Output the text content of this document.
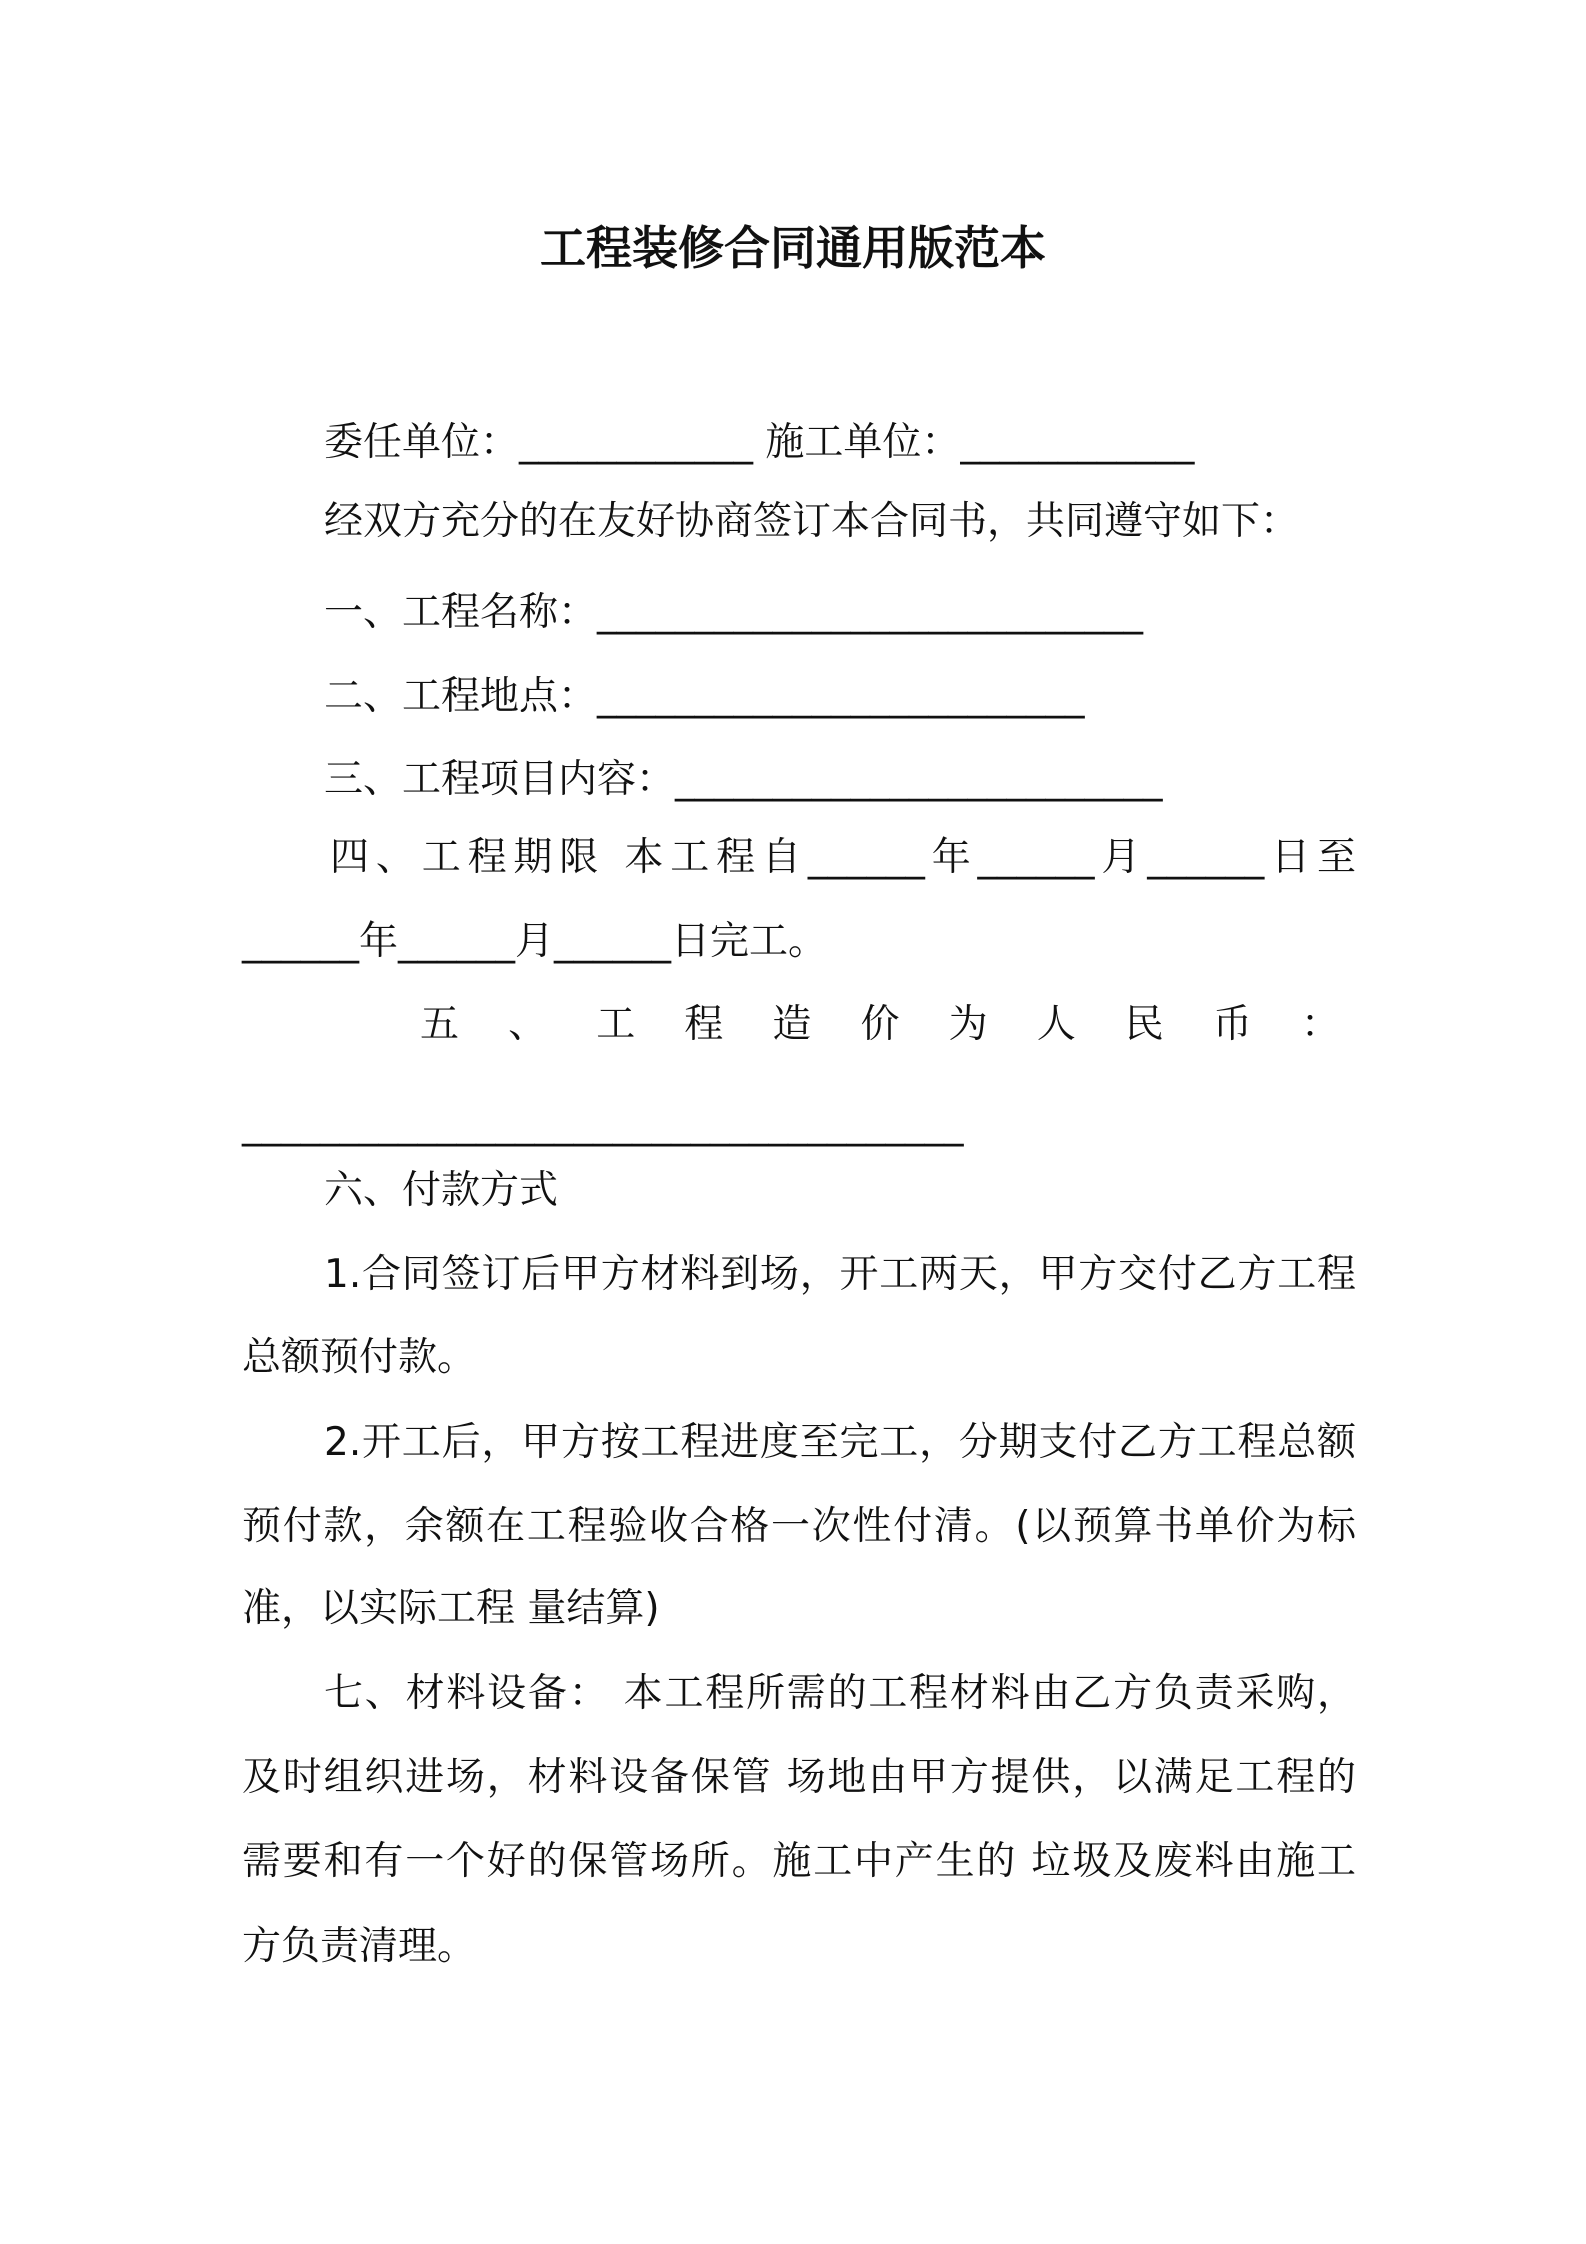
工程装修合同通用版范本
委任单位：____________ 施工单位：____________
经双方充分的在友好协商签订本合同书，共同遵守如下：
一、工程名称：____________________________
二、工程地点：_________________________
三、工程项目内容：_________________________
四、工程期限 本工程自______年______月______日至
______年______月______日完工。
五、工程造价为人民币：
_____________________________________
六、付款方式
1.合同签订后甲方材料到场，开工两天，甲方交付乙方工程
总额预付款。
2.开工后，甲方按工程进度至完工，分期支付乙方工程总额
预付款，余额在工程验收合格一次性付清。(以预算书单价为标
准，以实际工程 量结算)
七、材料设备： 本工程所需的工程材料由乙方负责采购，
及时组织进场，材料设备保管 场地由甲方提供，以满足工程的
需要和有一个好的保管场所。施工中产生的 垃圾及废料由施工
方负责清理。
